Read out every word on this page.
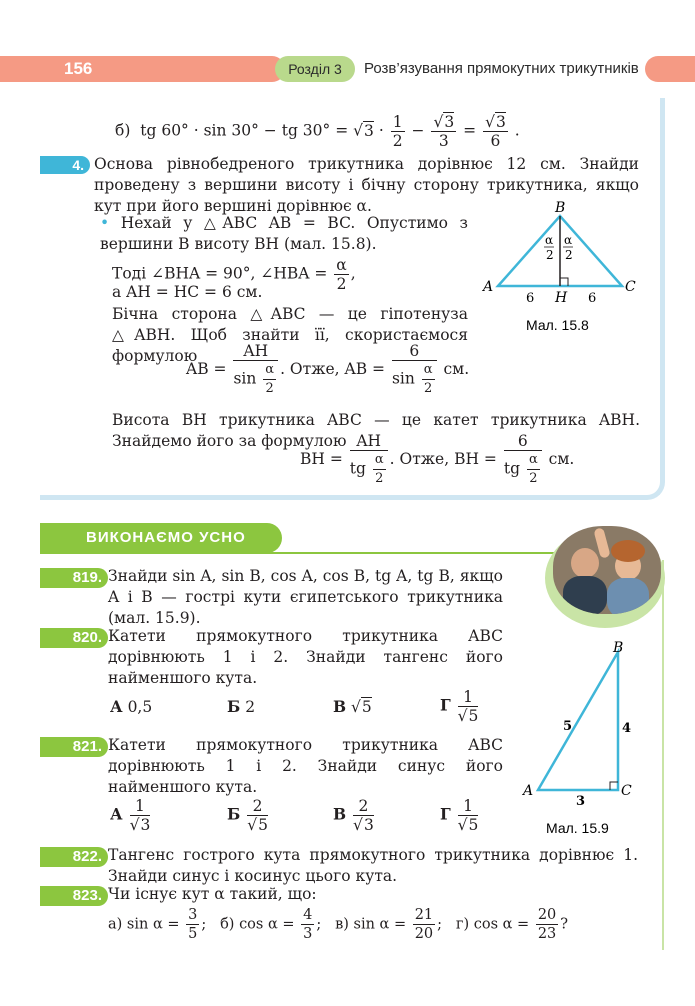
156	Розділ 3	Розв’язування прямокутних трикутників
б) tg 60° · sin 30° − tg $30^\circ = √3 \cdot \frac{1}{2} - \frac{√3}{3} = \frac{√3}{6}$ .
4. Основа рівнобедреного трикутника дорівнює 12 см. Знайди проведену з вершини висоту і бічну сторону трикутника, якщо кут при його вершині дорівнює α.
• Нехай у △ABC AB = BC. Опустимо з вершини B висоту BH (мал. 15.8).
Тоді ∠BHA = 90°, ∠HBA = $\frac{\alpha}{2}$ ,
а AH = HC = 6 см.
Бічна сторона △ABC — це гіпотенуза △ABH. Щоб знайти її, скористаємося формулою
AB = $\frac{AH}{\sin \frac{\alpha}{2}}$ . Отже, AB = $\frac{6}{\sin \frac{\alpha}{2}}$ см.
Висота BH трикутника ABC — це катет трикутника ABH. Знайдемо його за формулою
BH = $\frac{AH}{tg \frac{\alpha}{2}}$ . Отже, BH = $\frac{6}{tg \frac{\alpha}{2}}$ см.
B
A	C
H
6	6
α
2
α
2
Мал. 15.8
ВИКОНАЄМО УСНО
819. Знайди sin A, sin B, cos A, cos B, tg A, tg B, якщо A і B — гострі кути єгипетського трикутника (мал. 15.9).
820. Катети прямокутного трикутника ABC дорівнюють 1 і 2. Знайди тангенс його найменшого кута.
А 0,5	Б 2	В √5	Г $\frac{1}{√5}$
821. Катети прямокутного трикутника ABC дорівнюють 1 і 2. Знайди синус його найменшого кута.
А $\frac{1}{√3}$	Б $\frac{2}{√5}$	В $\frac{2}{√3}$	Г $\frac{1}{√5}$
B
A	C
5	4
3
Мал. 15.9
822. Тангенс гострого кута прямокутного трикутника дорівнює 1. Знайди синус і косинус цього кута.
823. Чи існує кут α такий, що:
а) $\sin \alpha = \frac{3}{5}$ ; б) $\cos \alpha = \frac{4}{3}$ ; в) $\sin \alpha = \frac{21}{20}$ ; г) $\cos \alpha = \frac{20}{23}$ ?
